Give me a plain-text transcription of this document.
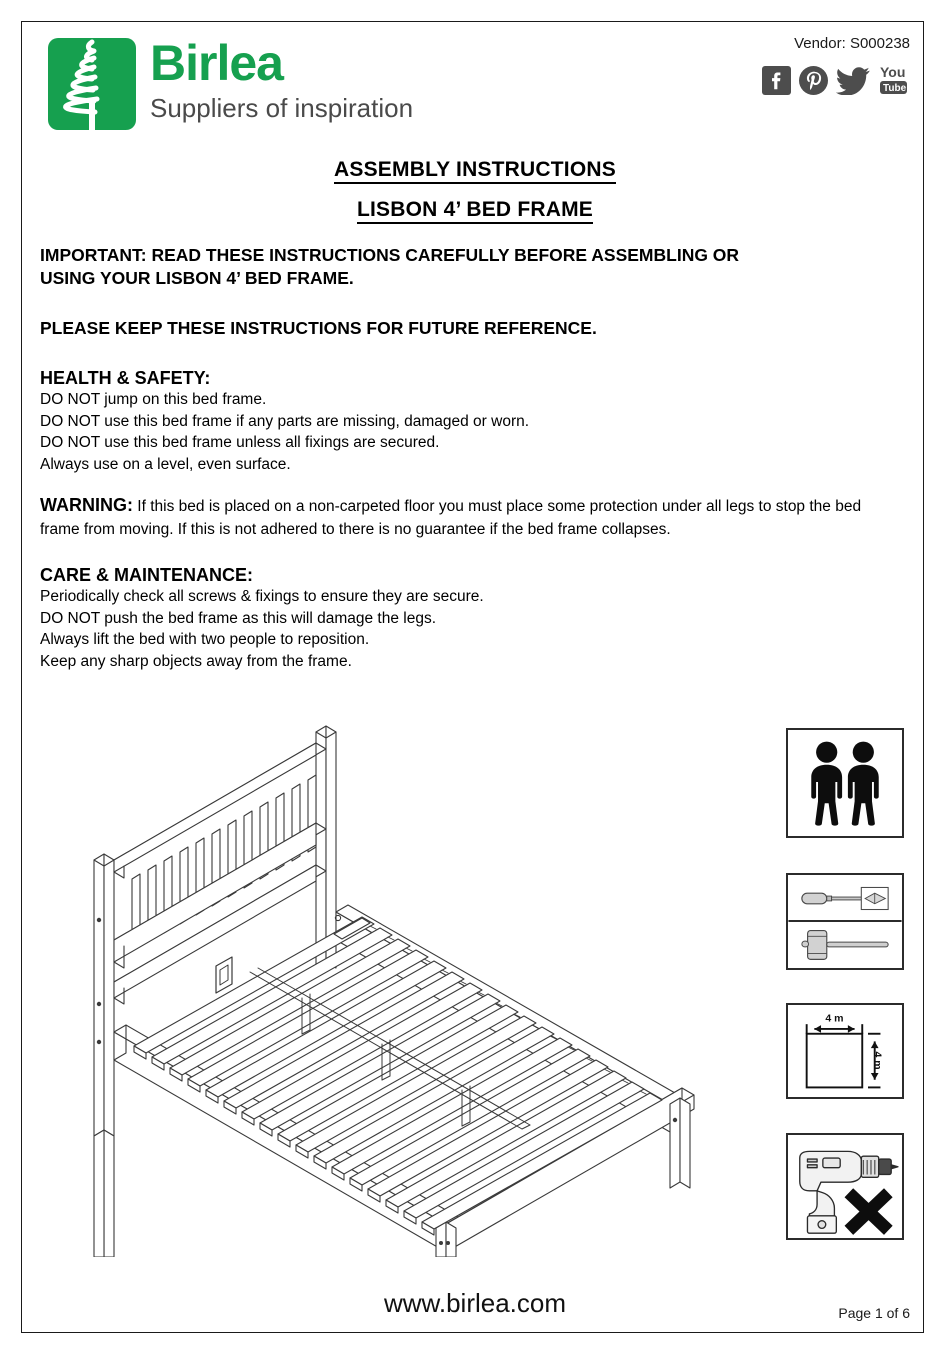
Birlea
Suppliers of inspiration
Vendor: S000238
You
Tube
ASSEMBLY INSTRUCTIONS
LISBON 4’ BED FRAME
IMPORTANT: READ THESE INSTRUCTIONS CAREFULLY BEFORE ASSEMBLING OR
USING YOUR LISBON 4’ BED FRAME.
PLEASE KEEP THESE INSTRUCTIONS FOR FUTURE REFERENCE.
HEALTH & SAFETY:
DO NOT jump on this bed frame.
DO NOT use this bed frame if any parts are missing, damaged or worn.
DO NOT use this bed frame unless all fixings are secured.
Always use on a level, even surface.
WARNING: If this bed is placed on a non-carpeted floor you must place some protection under all legs to stop the bed frame from moving. If this is not adhered to there is no guarantee if the bed frame collapses.
CARE & MAINTENANCE:
Periodically check all screws & fixings to ensure they are secure.
DO NOT push the bed frame as this will damage the legs.
Always lift the bed with two people to reposition.
Keep any sharp objects away from the frame.
4 m
4 m
www.birlea.com	Page 1 of 6
